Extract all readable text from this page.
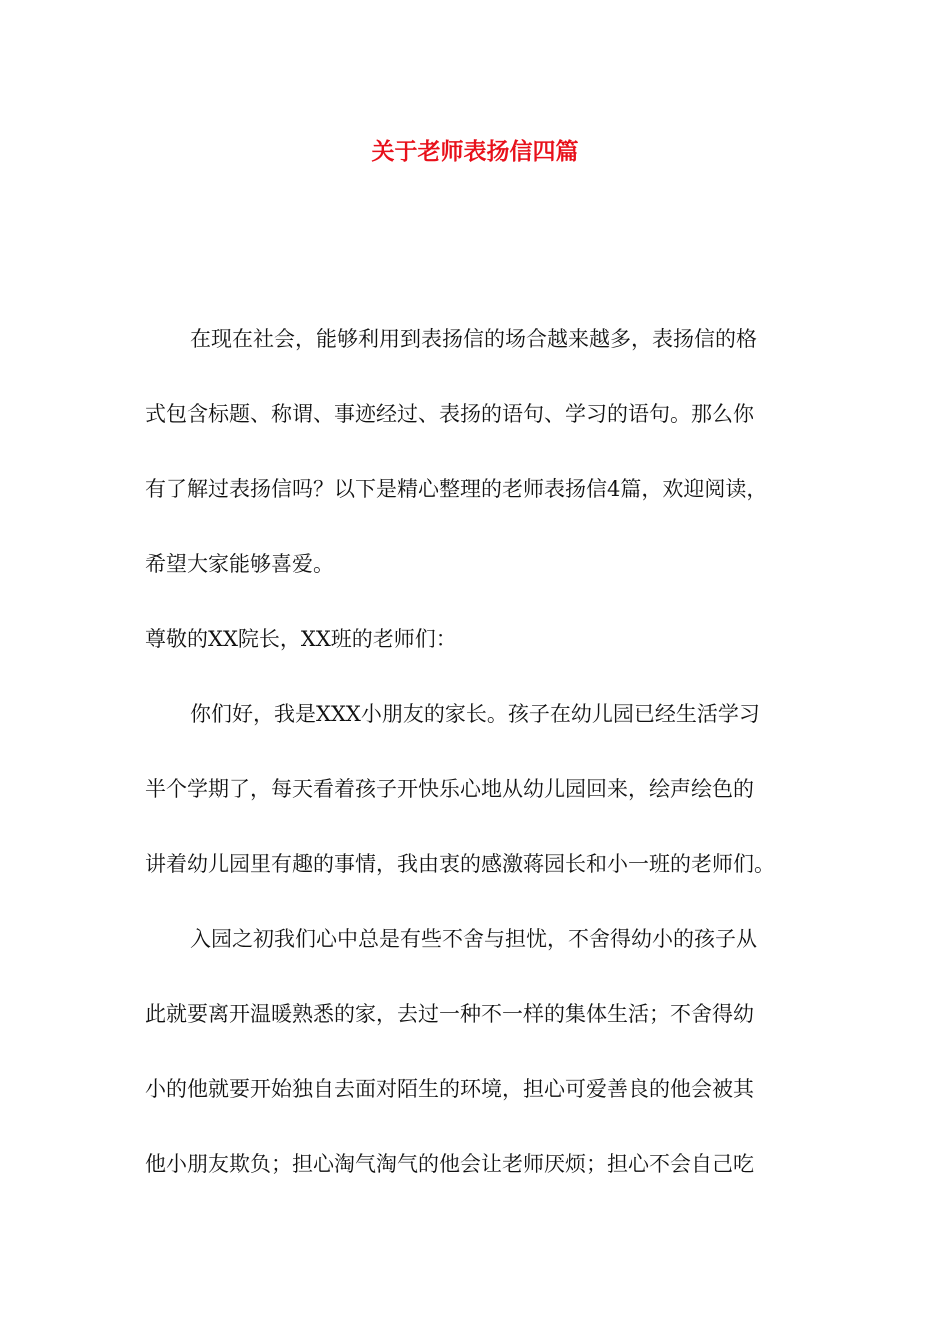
关于老师表扬信四篇

在现在社会，能够利用到表扬信的场合越来越多，表扬信的格

式包含标题、称谓、事迹经过、表扬的语句、学习的语句。那么你

有了解过表扬信吗？以下是精心整理的老师表扬信4篇，欢迎阅读，

希望大家能够喜爱。

尊敬的XX院长，XX班的老师们：

你们好，我是XXX小朋友的家长。孩子在幼儿园已经生活学习

半个学期了，每天看着孩子开快乐心地从幼儿园回来，绘声绘色的

讲着幼儿园里有趣的事情，我由衷的感激蒋园长和小一班的老师们。

入园之初我们心中总是有些不舍与担忧，不舍得幼小的孩子从

此就要离开温暖熟悉的家，去过一种不一样的集体生活；不舍得幼

小的他就要开始独自去面对陌生的环境，担心可爱善良的他会被其

他小朋友欺负；担心淘气淘气的他会让老师厌烦；担心不会自己吃
